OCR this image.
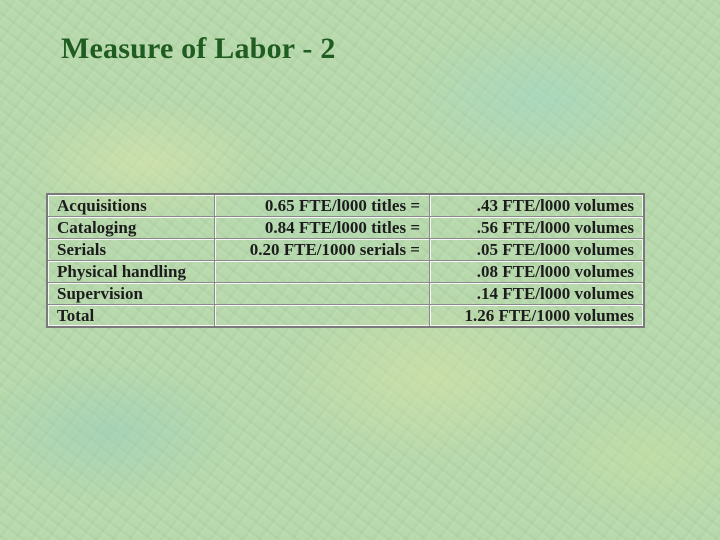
Measure of Labor - 2
Acquisitions	0.65 FTE/l000 titles =	.43 FTE/l000 volumes
Cataloging	0.84 FTE/l000 titles =	.56 FTE/l000 volumes
Serials	0.20 FTE/1000 serials =	.05 FTE/l000 volumes
Physical handling		.08 FTE/l000 volumes
Supervision		.14 FTE/l000 volumes
Total		1.26 FTE/1000 volumes
